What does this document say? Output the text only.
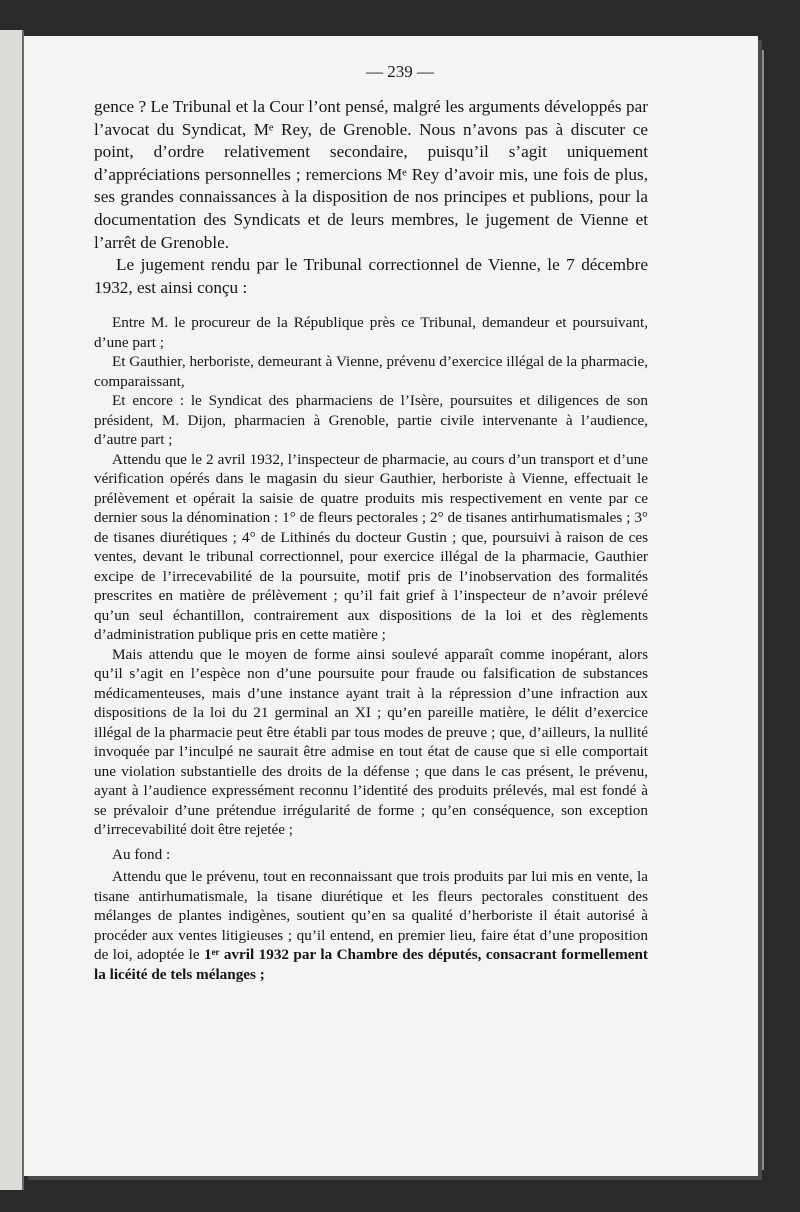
— 239 —

gence ? Le Tribunal et la Cour l’ont pensé, malgré les arguments développés par l’avocat du Syndicat, Mᵉ Rey, de Grenoble. Nous n’avons pas à discuter ce point, d’ordre relativement secondaire, puisqu’il s’agit uniquement d’appréciations personnelles ; remercions Mᵉ Rey d’avoir mis, une fois de plus, ses grandes connaissances à la disposition de nos principes et publions, pour la documentation des Syndicats et de leurs membres, le jugement de Vienne et l’arrêt de Grenoble.

Le jugement rendu par le Tribunal correctionnel de Vienne, le 7 décembre 1932, est ainsi conçu :

Entre M. le procureur de la République près ce Tribunal, demandeur et poursuivant, d’une part ;

Et Gauthier, herboriste, demeurant à Vienne, prévenu d’exercice illégal de la pharmacie, comparaissant,

Et encore : le Syndicat des pharmaciens de l’Isère, poursuites et diligences de son président, M. Dijon, pharmacien à Grenoble, partie civile intervenante à l’audience, d’autre part ;

Attendu que le 2 avril 1932, l’inspecteur de pharmacie, au cours d’un transport et d’une vérification opérés dans le magasin du sieur Gauthier, herboriste à Vienne, effectuait le prélèvement et opérait la saisie de quatre produits mis respectivement en vente par ce dernier sous la dénomination : 1° de fleurs pectorales ; 2° de tisanes antirhumatismales ; 3° de tisanes diurétiques ; 4° de Lithinés du docteur Gustin ; que, poursuivi à raison de ces ventes, devant le tribunal correctionnel, pour exercice illégal de la pharmacie, Gauthier excipe de l’irrecevabilité de la poursuite, motif pris de l’inobservation des formalités prescrites en matière de prélèvement ; qu’il fait grief à l’inspecteur de n’avoir prélevé qu’un seul échantillon, contrairement aux dispositions de la loi et des règlements d’administration publique pris en cette matière ;

Mais attendu que le moyen de forme ainsi soulevé apparaît comme inopérant, alors qu’il s’agit en l’espèce non d’une poursuite pour fraude ou falsification de substances médicamenteuses, mais d’une instance ayant trait à la répression d’une infraction aux dispositions de la loi du 21 germinal an XI ; qu’en pareille matière, le délit d’exercice illégal de la pharmacie peut être établi par tous modes de preuve ; que, d’ailleurs, la nullité invoquée par l’inculpé ne saurait être admise en tout état de cause que si elle comportait une violation substantielle des droits de la défense ; que dans le cas présent, le prévenu, ayant à l’audience expressément reconnu l’identité des produits prélevés, mal est fondé à se prévaloir d’une prétendue irrégularité de forme ; qu’en conséquence, son exception d’irrecevabilité doit être rejetée ;

Au fond :

Attendu que le prévenu, tout en reconnaissant que trois produits par lui mis en vente, la tisane antirhumatismale, la tisane diurétique et les fleurs pectorales constituent des mélanges de plantes indigènes, soutient qu’en sa qualité d’herboriste il était autorisé à procéder aux ventes litigieuses ; qu’il entend, en premier lieu, faire état d’une proposition de loi, adoptée le 1ᵉʳ avril 1932 par la Chambre des députés, consacrant formellement la licéité de tels mélanges ;
